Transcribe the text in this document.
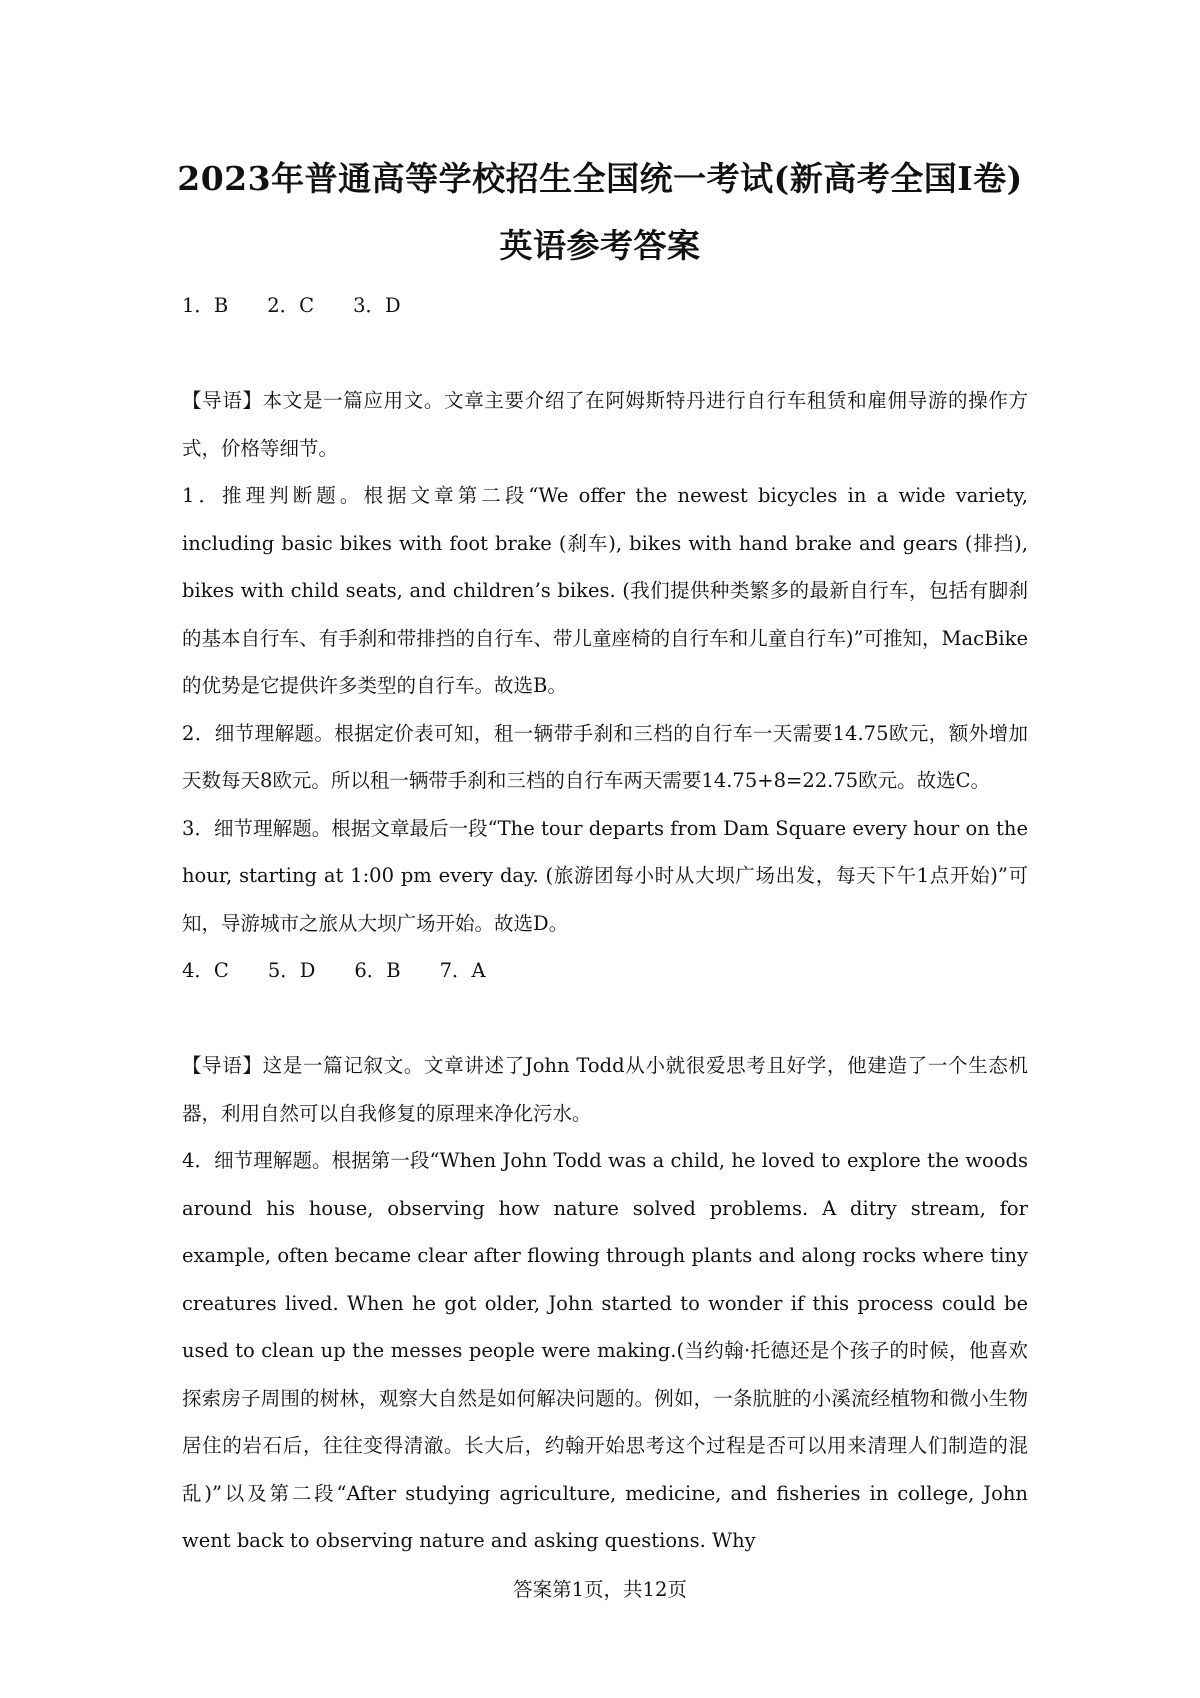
2023年普通高等学校招生全国统一考试(新高考全国I卷)
英语参考答案

1．B　　2．C　　3．D

【导语】本文是一篇应用文。文章主要介绍了在阿姆斯特丹进行自行车租赁和雇佣导游的操作方式，价格等细节。

1．推理判断题。根据文章第二段“We offer the newest bicycles in a wide variety, including basic bikes with foot brake (刹车), bikes with hand brake and gears (排挡), bikes with child seats, and children’s bikes. (我们提供种类繁多的最新自行车，包括有脚刹的基本自行车、有手刹和带排挡的自行车、带儿童座椅的自行车和儿童自行车)”可推知，MacBike的优势是它提供许多类型的自行车。故选B。

2．细节理解题。根据定价表可知，租一辆带手刹和三档的自行车一天需要14.75欧元，额外增加天数每天8欧元。所以租一辆带手刹和三档的自行车两天需要14.75+8=22.75欧元。故选C。

3．细节理解题。根据文章最后一段“The tour departs from Dam Square every hour on the hour, starting at 1:00 pm every day. (旅游团每小时从大坝广场出发，每天下午1点开始)”可知，导游城市之旅从大坝广场开始。故选D。

4．C　　5．D　　6．B　　7．A

【导语】这是一篇记叙文。文章讲述了John Todd从小就很爱思考且好学，他建造了一个生态机器，利用自然可以自我修复的原理来净化污水。

4．细节理解题。根据第一段“When John Todd was a child, he loved to explore the woods around his house, observing how nature solved problems. A ditry stream, for example, often became clear after flowing through plants and along rocks where tiny creatures lived. When he got older, John started to wonder if this process could be used to clean up the messes people were making.(当约翰·托德还是个孩子的时候，他喜欢探索房子周围的树林，观察大自然是如何解决问题的。例如，一条肮脏的小溪流经植物和微小生物居住的岩石后，往往变得清澈。长大后，约翰开始思考这个过程是否可以用来清理人们制造的混乱)”以及第二段“After studying agriculture, medicine, and fisheries in college, John went back to observing nature and asking questions. Why

答案第1页，共12页
